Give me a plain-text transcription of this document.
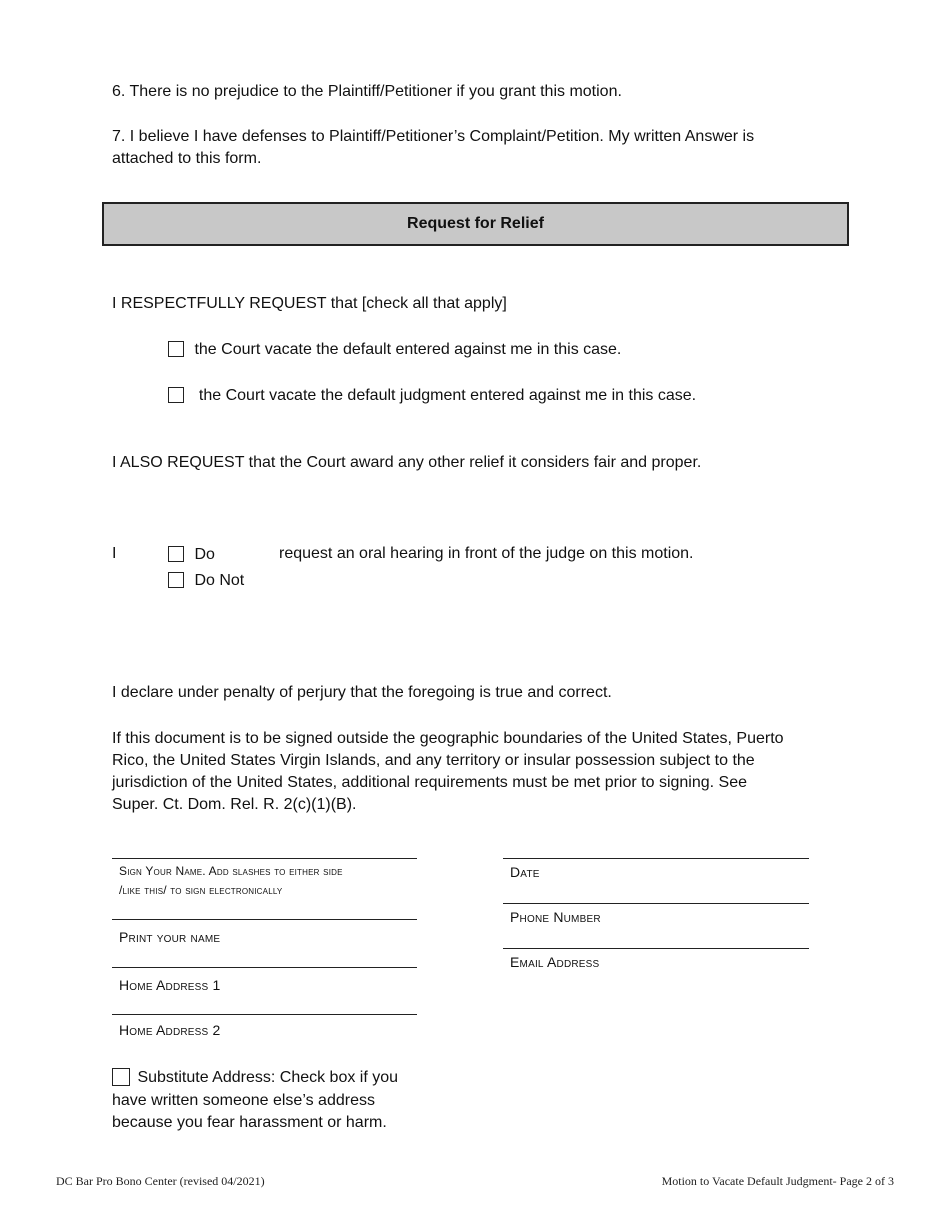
6. There is no prejudice to the Plaintiff/Petitioner if you grant this motion.
7. I believe I have defenses to Plaintiff/Petitioner’s Complaint/Petition. My written Answer is
attached to this form.
Request for Relief
I RESPECTFULLY REQUEST that [check all that apply]
the Court vacate the default entered against me in this case.
the Court vacate the default judgment entered against me in this case.
I ALSO REQUEST that the Court award any other relief it considers fair and proper.
I	Do
Do Not
request an oral hearing in front of the judge on this motion.
I declare under penalty of perjury that the foregoing is true and correct.
If this document is to be signed outside the geographic boundaries of the United States, Puerto
Rico, the United States Virgin Islands, and any territory or insular possession subject to the
jurisdiction of the United States, additional requirements must be met prior to signing. See
Super. Ct. Dom. Rel. R. 2(c)(1)(B).
Sign Your Name. Add slashes to either side
/like this/ to sign electronically
Print your name
Home Address 1
Home Address 2
Date
Phone Number
Email Address
Substitute Address: Check box if you
have written someone else’s address
because you fear harassment or harm.
DC Bar Pro Bono Center (revised 04/2021)	Motion to Vacate Default Judgment- Page 2 of 3
